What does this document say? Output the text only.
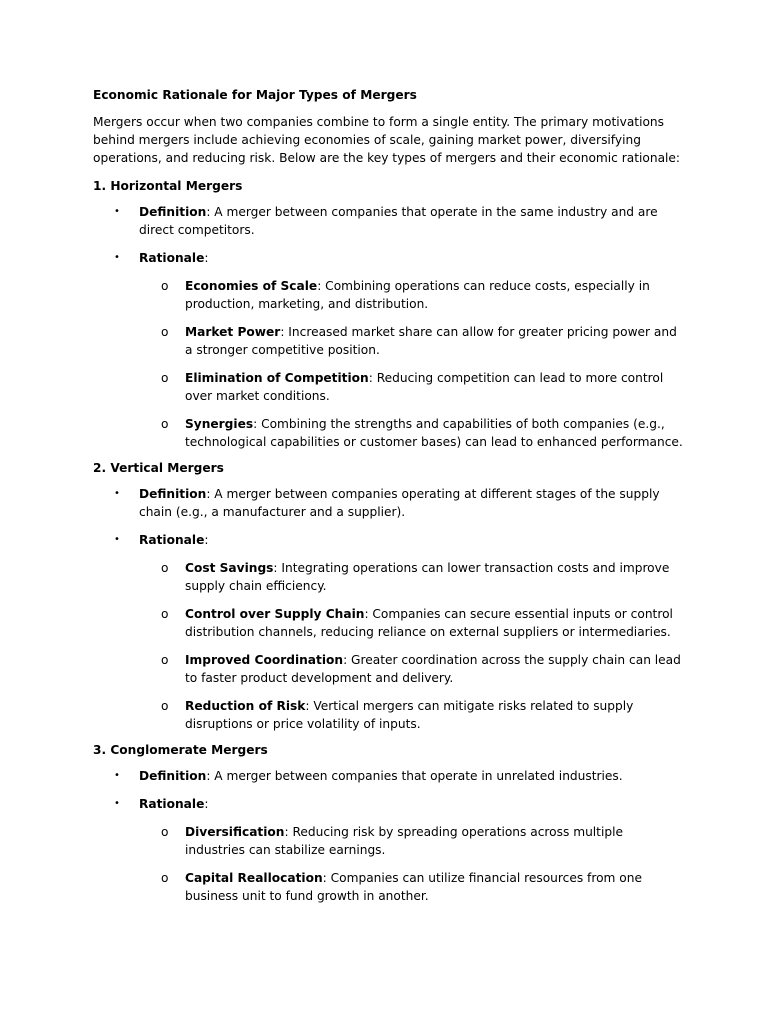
Economic Rationale for Major Types of Mergers

Mergers occur when two companies combine to form a single entity. The primary motivations behind mergers include achieving economies of scale, gaining market power, diversifying operations, and reducing risk. Below are the key types of mergers and their economic rationale:

1. Horizontal Mergers

• Definition: A merger between companies that operate in the same industry and are direct competitors.
• Rationale:
o Economies of Scale: Combining operations can reduce costs, especially in production, marketing, and distribution.
o Market Power: Increased market share can allow for greater pricing power and a stronger competitive position.
o Elimination of Competition: Reducing competition can lead to more control over market conditions.
o Synergies: Combining the strengths and capabilities of both companies (e.g., technological capabilities or customer bases) can lead to enhanced performance.

2. Vertical Mergers

• Definition: A merger between companies operating at different stages of the supply chain (e.g., a manufacturer and a supplier).
• Rationale:
o Cost Savings: Integrating operations can lower transaction costs and improve supply chain efficiency.
o Control over Supply Chain: Companies can secure essential inputs or control distribution channels, reducing reliance on external suppliers or intermediaries.
o Improved Coordination: Greater coordination across the supply chain can lead to faster product development and delivery.
o Reduction of Risk: Vertical mergers can mitigate risks related to supply disruptions or price volatility of inputs.

3. Conglomerate Mergers

• Definition: A merger between companies that operate in unrelated industries.
• Rationale:
o Diversification: Reducing risk by spreading operations across multiple industries can stabilize earnings.
o Capital Reallocation: Companies can utilize financial resources from one business unit to fund growth in another.
